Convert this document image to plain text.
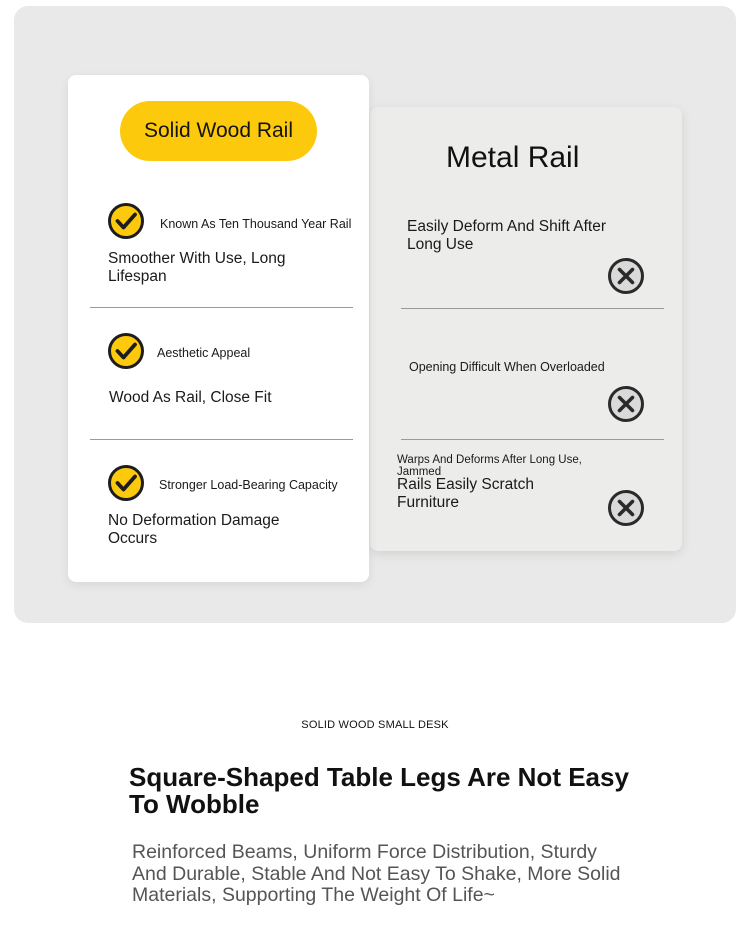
Metal Rail
Easily Deform And Shift After Long Use
Opening Difficult When Overloaded
Warps And Deforms After Long Use, Jammed
Rails Easily Scratch Furniture
Solid Wood Rail
Known As Ten Thousand Year Rail
Smoother With Use, Long Lifespan
Aesthetic Appeal
Wood As Rail, Close Fit
Stronger Load-Bearing Capacity
No Deformation Damage Occurs
SOLID WOOD SMALL DESK
Square-Shaped Table Legs Are Not Easy To Wobble
Reinforced Beams, Uniform Force Distribution, Sturdy And Durable, Stable And Not Easy To Shake, More Solid Materials, Supporting The Weight Of Life~
